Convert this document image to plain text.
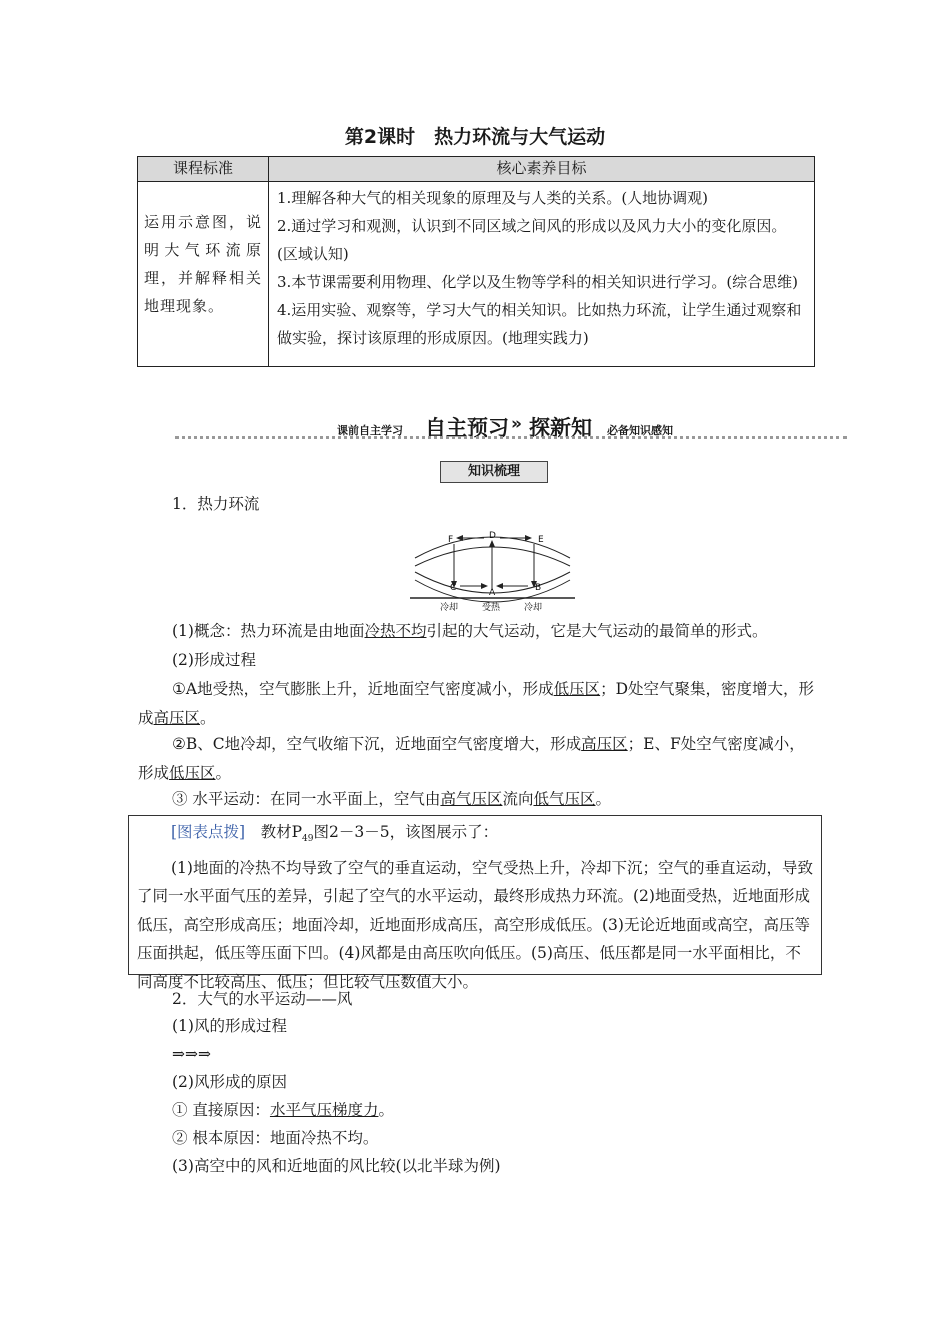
第2课时　热力环流与大气运动
课程标准	核心素养目标
运用示意图，说明大气环流原理，并解释相关地理现象。	1.理解各种大气的相关现象的原理及与人类的关系。(人地协调观)
2.通过学习和观测，认识到不同区域之间风的形成以及风力大小的变化原因。(区域认知)
3.本节课需要利用物理、化学以及生物等学科的相关知识进行学习。(综合思维)
4.运用实验、观察等，学习大气的相关知识。比如热力环流，让学生通过观察和做实验，探讨该原理的形成原因。(地理实践力)
课前自主学习 自主预习 » 探新知 必备知识感知
知识梳理
1．热力环流
F	D	E
C	A	B
冷却	受热	冷却
(1)概念：热力环流是由地面冷热不均引起的大气运动，它是大气运动的最简单的形式。
(2)形成过程
①A地受热，空气膨胀上升，近地面空气密度减小，形成低压区；D处空气聚集，密度增大，形成高压区。
②B、C地冷却，空气收缩下沉，近地面空气密度增大，形成高压区；E、F处空气密度减小，形成低压区。
③ 水平运动：在同一水平面上，空气由高气压区流向低气压区。
[图表点拨]　教材$P_{49}$图2－3－5，该图展示了：
(1)地面的冷热不均导致了空气的垂直运动，空气受热上升，冷却下沉；空气的垂直运动，导致了同一水平面气压的差异，引起了空气的水平运动，最终形成热力环流。(2)地面受热，近地面形成低压，高空形成高压；地面冷却，近地面形成高压，高空形成低压。(3)无论近地面或高空，高压等压面拱起，低压等压面下凹。(4)风都是由高压吹向低压。(5)高压、低压都是同一水平面相比，不同高度不比较高压、低压；但比较气压数值大小。
2．大气的水平运动——风
(1)风的形成过程
⇒⇒⇒
(2)风形成的原因
① 直接原因：水平气压梯度力。
② 根本原因：地面冷热不均。
(3)高空中的风和近地面的风比较(以北半球为例)
